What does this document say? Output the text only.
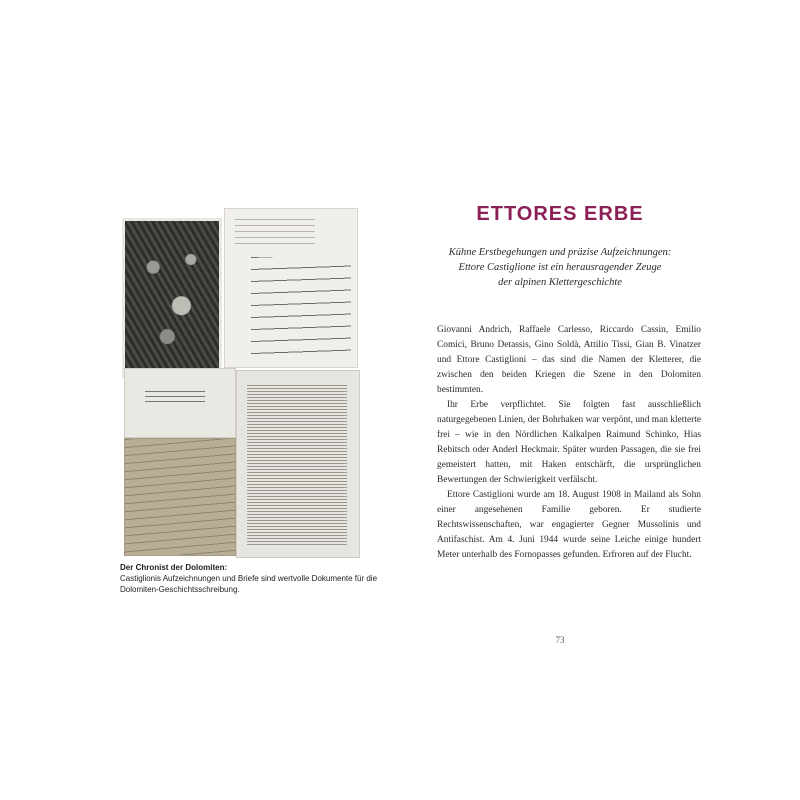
Der Chronist der Dolomiten:
Castiglionis Aufzeichnungen und Briefe sind wertvolle Dokumente für die Dolomiten-Geschichtsschreibung.
ETTORES ERBE
Kühne Erstbegehungen und präzise Aufzeichnungen:
Ettore Castiglione ist ein herausragender Zeuge
der alpinen Klettergeschichte

Giovanni Andrich, Raffaele Carlesso, Riccardo Cassin, Emilio Comici, Bruno Detassis, Gino Soldà, Attilio Tissi, Gian B. Vinatzer und Ettore Castiglioni – das sind die Namen der Kletterer, die zwischen den beiden Kriegen die Szene in den Dolomiten bestimmten.

Ihr Erbe verpflichtet. Sie folgten fast ausschließlich naturgegebenen Linien, der Bohrhaken war verpönt, und man kletterte frei – wie in den Nördlichen Kalkalpen Raimund Schinko, Hias Rebitsch oder Anderl Heckmair. Später wurden Passagen, die sie frei gemeistert hatten, mit Haken entschärft, die ursprünglichen Bewertungen der Schwierigkeit verfälscht.

Ettore Castiglioni wurde am 18. August 1908 in Mailand als Sohn einer angesehenen Familie geboren. Er studierte Rechtswissenschaften, war engagierter Gegner Mussolinis und Antifaschist. Am 4. Juni 1944 wurde seine Leiche einige hundert Meter unterhalb des Fornopasses gefunden. Erfroren auf der Flucht.

73
